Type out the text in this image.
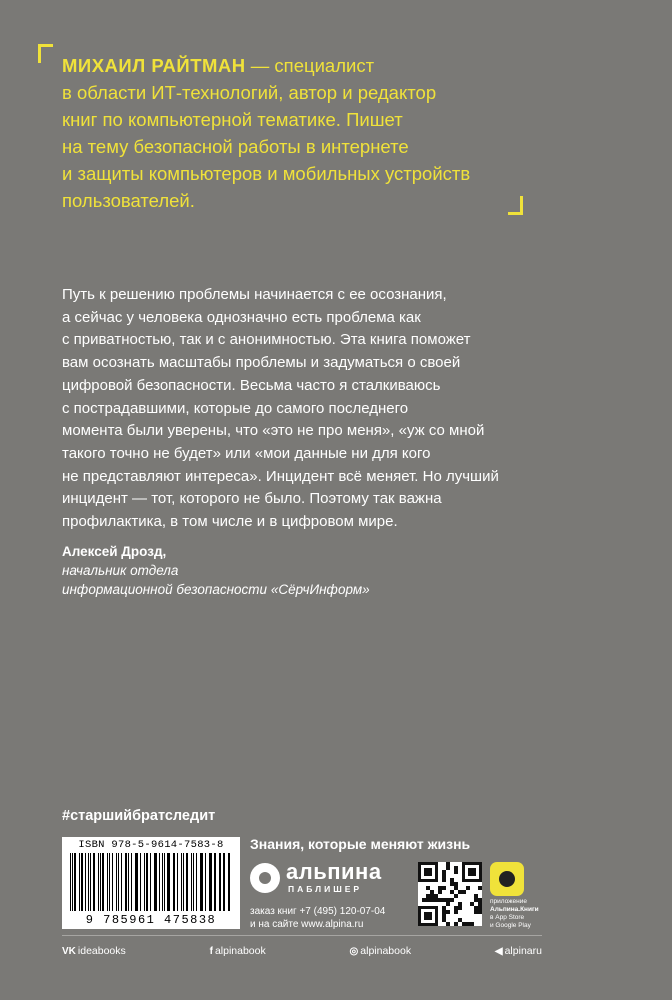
МИХАИЛ РАЙТМАН — специалист
в области ИТ-технологий, автор и редактор
книг по компьютерной тематике. Пишет
на тему безопасной работы в интернете
и защиты компьютеров и мобильных устройств
пользователей.
Путь к решению проблемы начинается с ее осознания,
а сейчас у человека однозначно есть проблема как
с приватностью, так и с анонимностью. Эта книга поможет
вам осознать масштабы проблемы и задуматься о своей
цифровой безопасности. Весьма часто я сталкиваюсь
с пострадавшими, которые до самого последнего
момента были уверены, что «это не про меня», «уж со мной
такого точно не будет» или «мои данные ни для кого
не представляют интереса». Инцидент всё меняет. Но лучший
инцидент — тот, которого не было. Поэтому так важна
профилактика, в том числе и в цифровом мире.
Алексей Дрозд,
начальник отдела
информационной безопасности «СёрчИнформ»
#старшийбратследит
ISBN 978-5-9614-7583-8
9 785961 475838
Знания, которые меняют жизнь
альпина
ПАБЛИШЕР
заказ книг +7 (495) 120-07-04
и на сайте www.alpina.ru
приложение
Альпина.Книги
в App Store
и Google Play
VK ideabooks	f alpinabook	◎ alpinabook	◀ alpinaru
